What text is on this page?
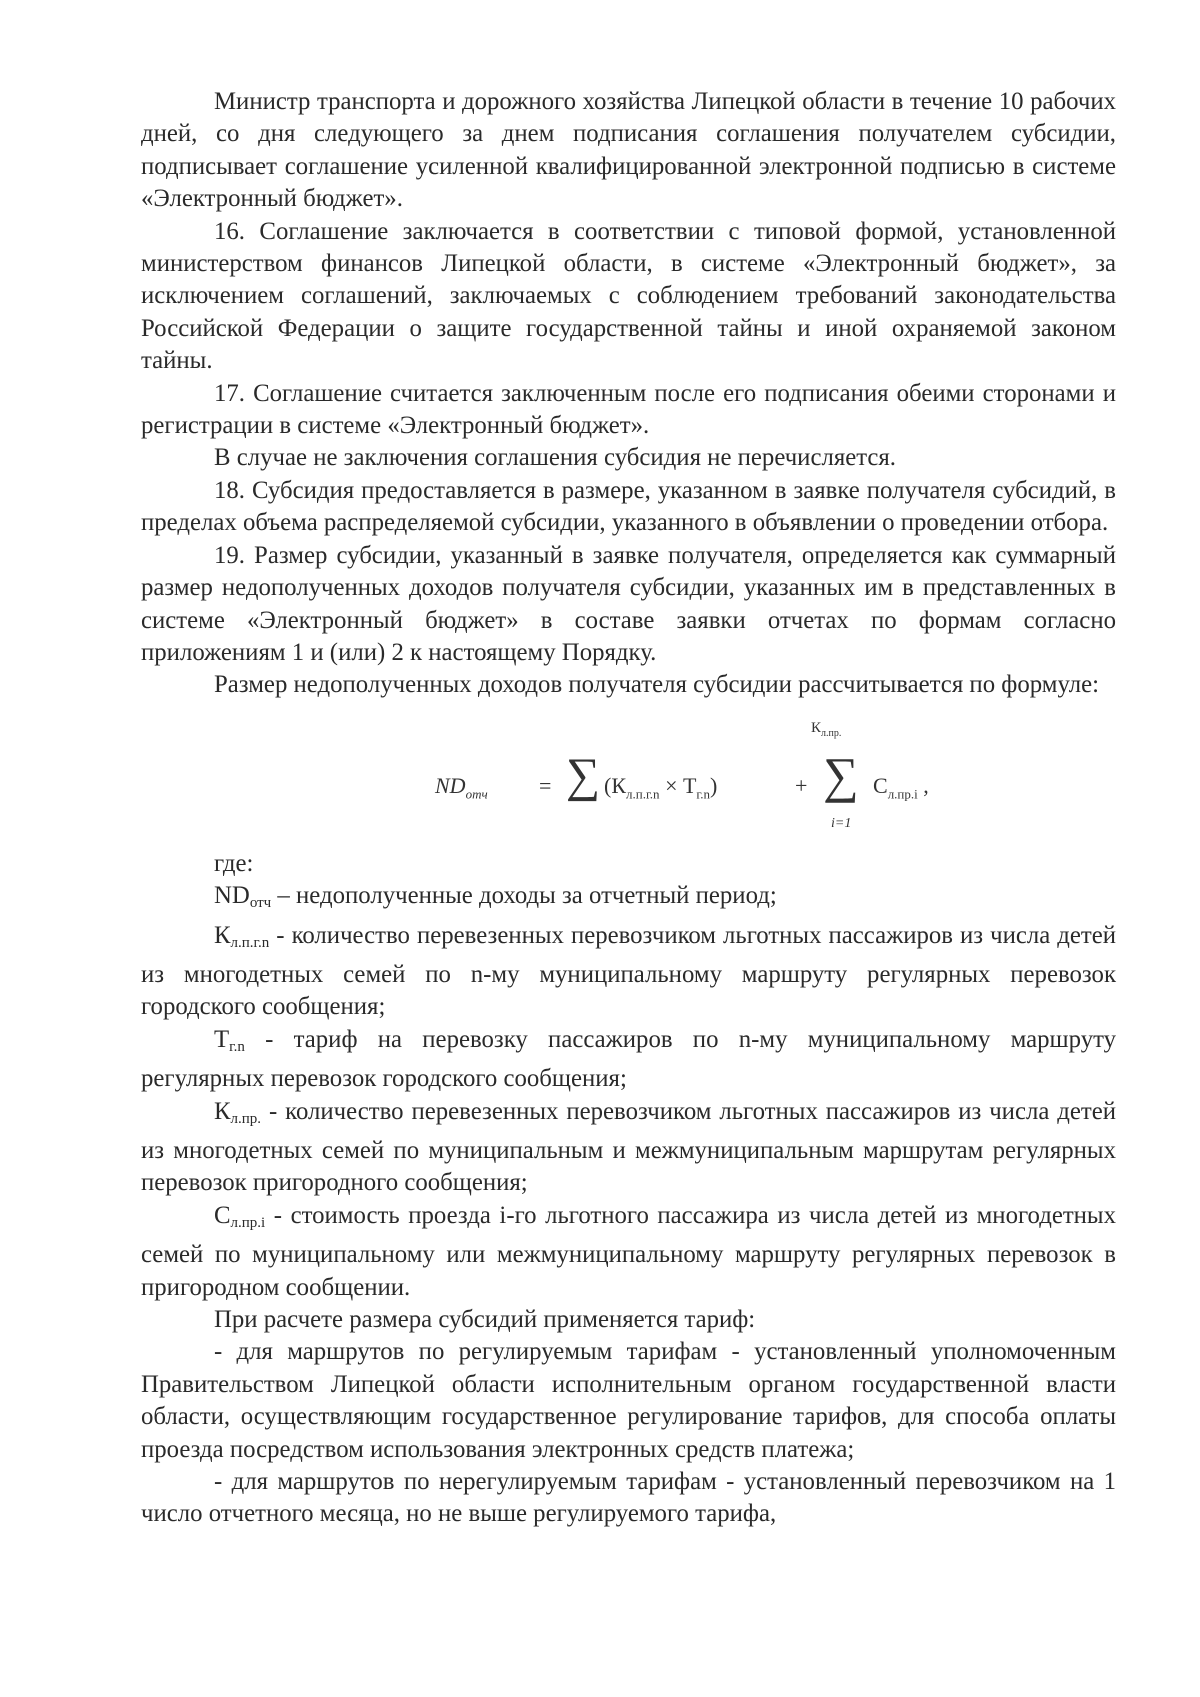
Министр транспорта и дорожного хозяйства Липецкой области в течение 10 рабочих дней, со дня следующего за днем подписания соглашения получателем субсидии, подписывает соглашение усиленной квалифицированной электронной подписью в системе «Электронный бюджет».

16. Соглашение заключается в соответствии с типовой формой, установленной министерством финансов Липецкой области, в системе «Электронный бюджет», за исключением соглашений, заключаемых с соблюдением требований законодательства Российской Федерации о защите государственной тайны и иной охраняемой законом тайны.

17. Соглашение считается заключенным после его подписания обеими сторонами и регистрации в системе «Электронный бюджет».

В случае не заключения соглашения субсидия не перечисляется.

18. Субсидия предоставляется в размере, указанном в заявке получателя субсидий, в пределах объема распределяемой субсидии, указанного в объявлении о проведении отбора.

19. Размер субсидии, указанный в заявке получателя, определяется как суммарный размер недополученных доходов получателя субсидии, указанных им в представленных в системе «Электронный бюджет» в составе заявки отчетах по формам согласно приложениям 1 и (или) 2 к настоящему Порядку.

Размер недополученных доходов получателя субсидии рассчитывается по формуле:

$ND_{отч}$ = ∑ $(К_{л.п.г.n} \times Т_{г.n})$	+
$К_{л.пр.}$
∑
i=1
$С_{л.пр.i}$ ,

где:

NDотч – недополученные доходы за отчетный период;

Кл.п.г.n - количество перевезенных перевозчиком льготных пассажиров из числа детей из многодетных семей по n-му муниципальному маршруту регулярных перевозок городского сообщения;

Тг.n - тариф на перевозку пассажиров по n-му муниципальному маршруту регулярных перевозок городского сообщения;

Кл.пр. - количество перевезенных перевозчиком льготных пассажиров из числа детей из многодетных семей по муниципальным и межмуниципальным маршрутам регулярных перевозок пригородного сообщения;

Сл.пр.i - стоимость проезда i-го льготного пассажира из числа детей из многодетных семей по муниципальному или межмуниципальному маршруту регулярных перевозок в пригородном сообщении.

При расчете размера субсидий применяется тариф:

- для маршрутов по регулируемым тарифам - установленный уполномоченным Правительством Липецкой области исполнительным органом государственной власти области, осуществляющим государственное регулирование тарифов, для способа оплаты проезда посредством использования электронных средств платежа;

- для маршрутов по нерегулируемым тарифам - установленный перевозчиком на 1 число отчетного месяца, но не выше регулируемого тарифа,
